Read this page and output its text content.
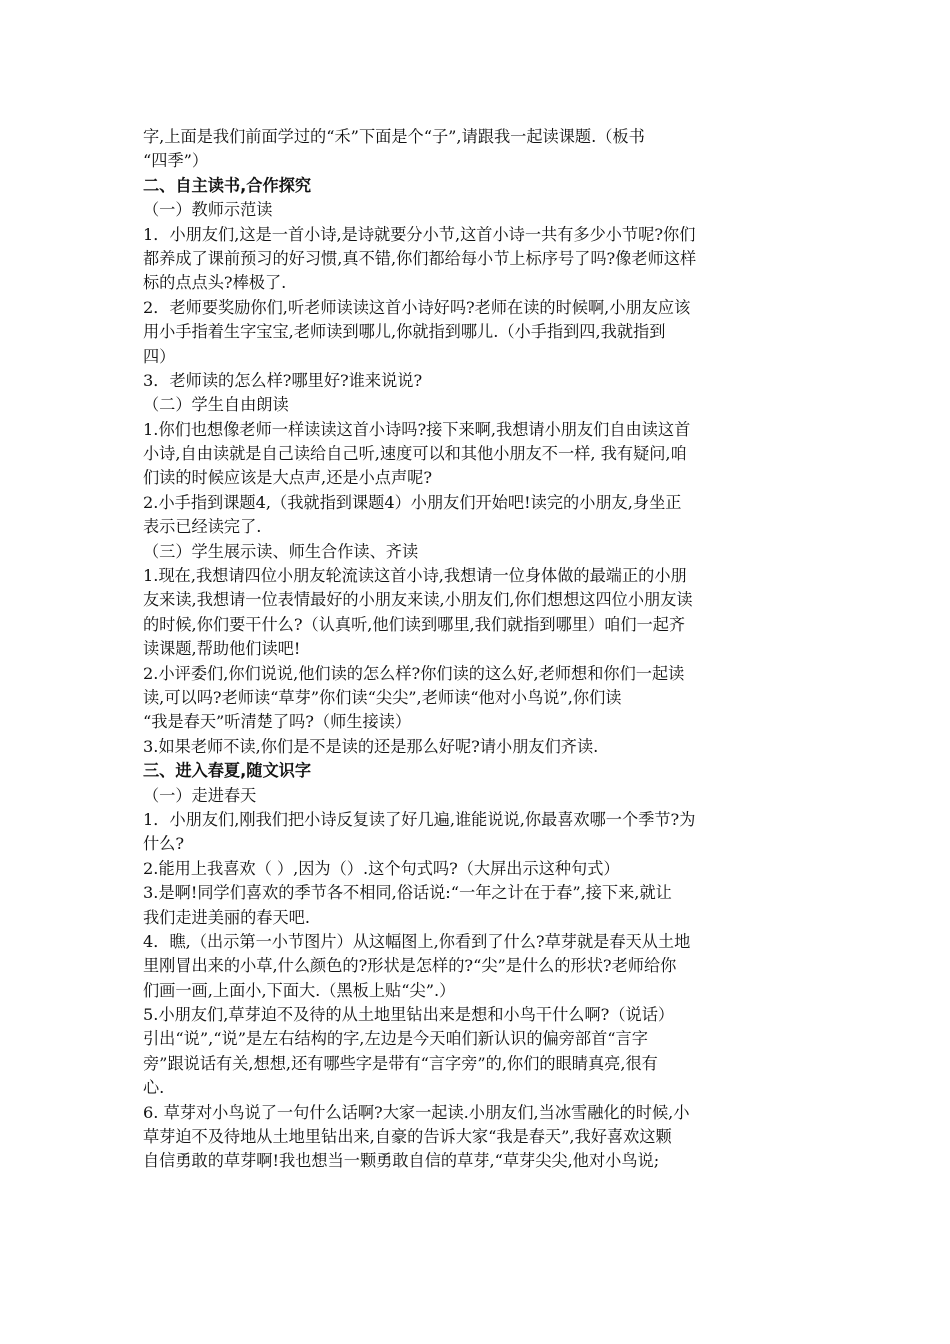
字,上面是我们前面学过的“禾”下面是个“子”,请跟我一起读课题.（板书

“四季”）

二、自主读书,合作探究

（一）教师示范读

1．小朋友们,这是一首小诗,是诗就要分小节,这首小诗一共有多少小节呢?你们

都养成了课前预习的好习惯,真不错,你们都给每小节上标序号了吗?像老师这样

标的点点头?棒极了.

2．老师要奖励你们,听老师读读这首小诗好吗?老师在读的时候啊,小朋友应该

用小手指着生字宝宝,老师读到哪儿,你就指到哪儿.（小手指到四,我就指到

四）

3．老师读的怎么样?哪里好?谁来说说?

（二）学生自由朗读

1.你们也想像老师一样读读这首小诗吗?接下来啊,我想请小朋友们自由读这首

小诗,自由读就是自己读给自己听,速度可以和其他小朋友不一样, 我有疑问,咱

们读的时候应该是大点声,还是小点声呢?

2.小手指到课题4,（我就指到课题4）小朋友们开始吧!读完的小朋友,身坐正

表示已经读完了.

（三）学生展示读、师生合作读、齐读

1.现在,我想请四位小朋友轮流读这首小诗,我想请一位身体做的最端正的小朋

友来读,我想请一位表情最好的小朋友来读,小朋友们,你们想想这四位小朋友读

的时候,你们要干什么?（认真听,他们读到哪里,我们就指到哪里）咱们一起齐

读课题,帮助他们读吧!

2.小评委们,你们说说,他们读的怎么样?你们读的这么好,老师想和你们一起读

读,可以吗?老师读“草芽”你们读“尖尖”,老师读“他对小鸟说”,你们读

“我是春天”听清楚了吗?（师生接读）

3.如果老师不读,你们是不是读的还是那么好呢?请小朋友们齐读.

三、进入春夏,随文识字

（一）走进春天

1．小朋友们,刚我们把小诗反复读了好几遍,谁能说说,你最喜欢哪一个季节?为

什么?

2.能用上我喜欢（ ）,因为（）.这个句式吗?（大屏出示这种句式）

3.是啊!同学们喜欢的季节各不相同,俗话说:“一年之计在于春”,接下来,就让

我们走进美丽的春天吧.

4．瞧,（出示第一小节图片）从这幅图上,你看到了什么?草芽就是春天从土地

里刚冒出来的小草,什么颜色的?形状是怎样的?“尖”是什么的形状?老师给你

们画一画,上面小,下面大.（黑板上贴“尖”.）

5.小朋友们,草芽迫不及待的从土地里钻出来是想和小鸟干什么啊?（说话）

引出“说”,“说”是左右结构的字,左边是今天咱们新认识的偏旁部首“言字

旁”跟说话有关,想想,还有哪些字是带有“言字旁”的,你们的眼睛真亮,很有

心.

6. 草芽对小鸟说了一句什么话啊?大家一起读.小朋友们,当冰雪融化的时候,小

草芽迫不及待地从土地里钻出来,自豪的告诉大家“我是春天”,我好喜欢这颗

自信勇敢的草芽啊!我也想当一颗勇敢自信的草芽,“草芽尖尖,他对小鸟说;
